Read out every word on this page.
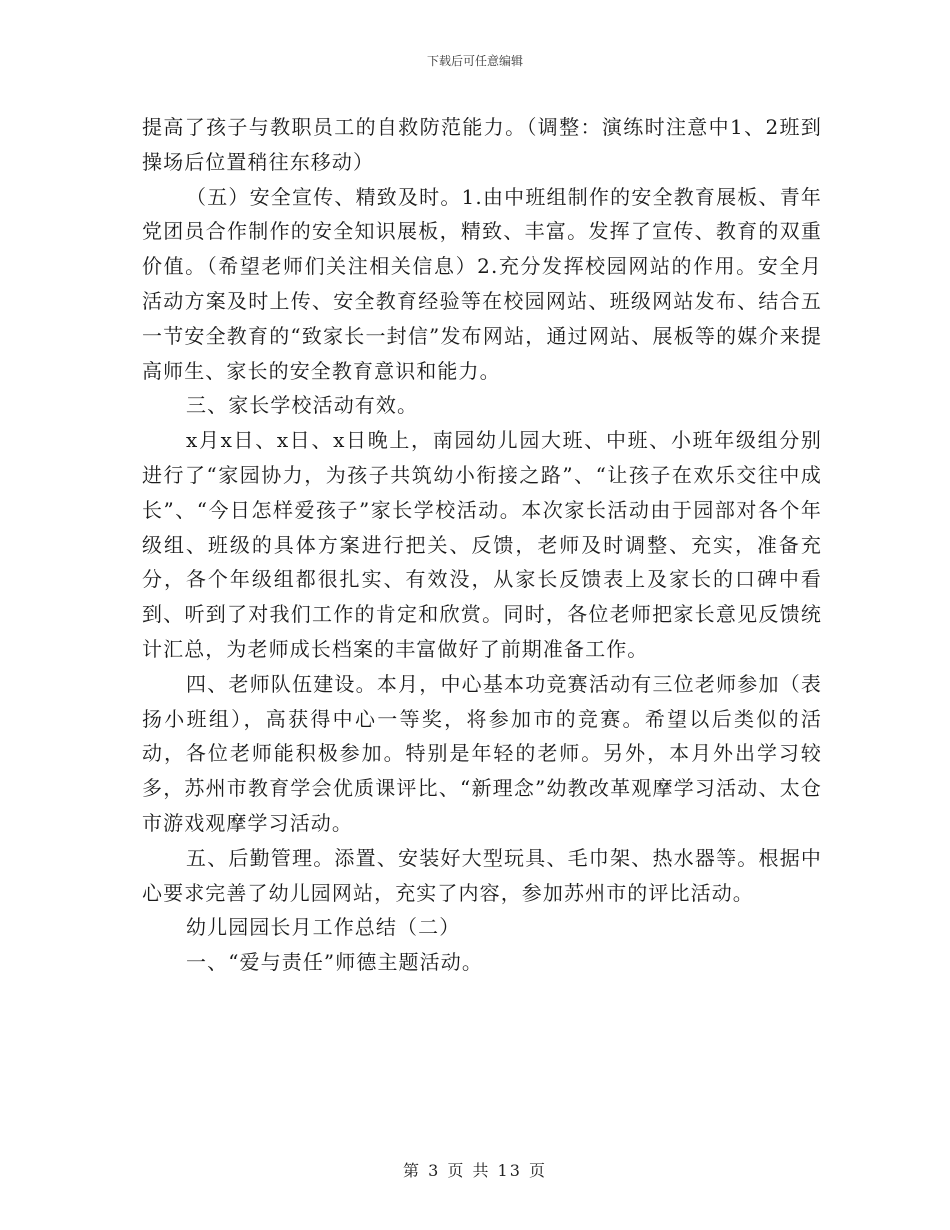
下载后可任意编辑

提高了孩子与教职员工的自救防范能力。（调整：演练时注意中1、2班到操场后位置稍往东移动）

（五）安全宣传、精致及时。1.由中班组制作的安全教育展板、青年党团员合作制作的安全知识展板，精致、丰富。发挥了宣传、教育的双重价值。（希望老师们关注相关信息）2.充分发挥校园网站的作用。安全月活动方案及时上传、安全教育经验等在校园网站、班级网站发布、结合五一节安全教育的“致家长一封信”发布网站，通过网站、展板等的媒介来提高师生、家长的安全教育意识和能力。

三、家长学校活动有效。

x月x日、x日、x日晚上，南园幼儿园大班、中班、小班年级组分别进行了“家园协力，为孩子共筑幼小衔接之路”、“让孩子在欢乐交往中成长”、“今日怎样爱孩子”家长学校活动。本次家长活动由于园部对各个年级组、班级的具体方案进行把关、反馈，老师及时调整、充实，准备充分，各个年级组都很扎实、有效没，从家长反馈表上及家长的口碑中看到、听到了对我们工作的肯定和欣赏。同时，各位老师把家长意见反馈统计汇总，为老师成长档案的丰富做好了前期准备工作。

四、老师队伍建设。本月，中心基本功竞赛活动有三位老师参加（表扬小班组），高获得中心一等奖，将参加市的竞赛。希望以后类似的活动，各位老师能积极参加。特别是年轻的老师。另外，本月外出学习较多，苏州市教育学会优质课评比、“新理念”幼教改革观摩学习活动、太仓市游戏观摩学习活动。

五、后勤管理。添置、安装好大型玩具、毛巾架、热水器等。根据中心要求完善了幼儿园网站，充实了内容，参加苏州市的评比活动。

幼儿园园长月工作总结（二）

一、“爱与责任”师德主题活动。

第 3 页 共 13 页
